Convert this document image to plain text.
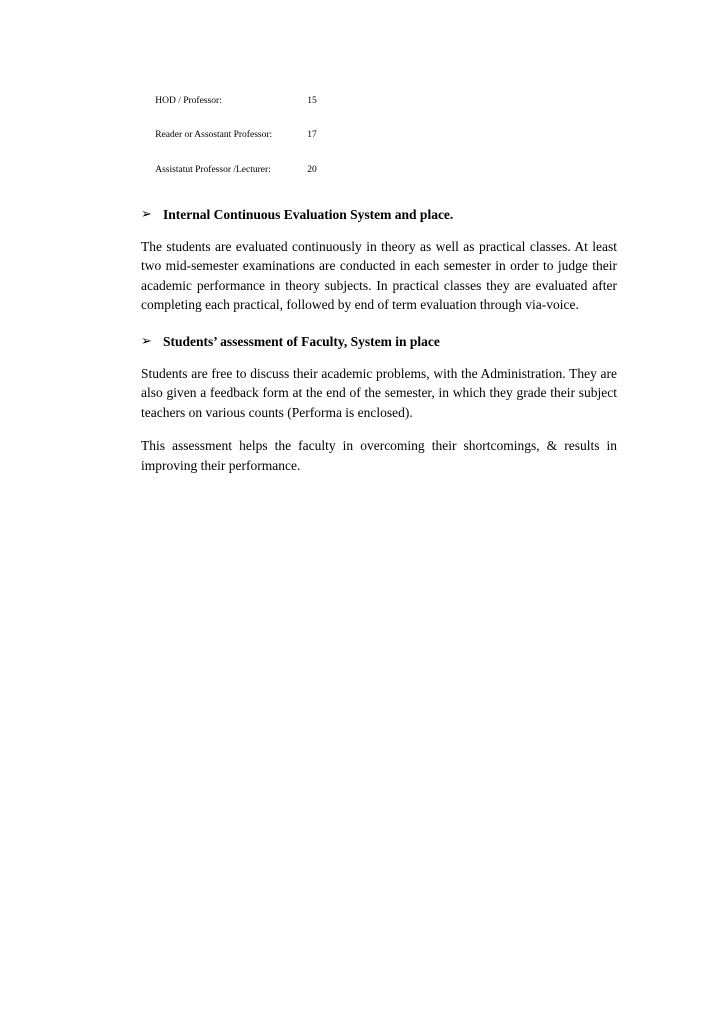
HOD / Professor:	15

Reader or Assostant Professor:	17

Assistatut Professor /Lecturer:	20

➢ Internal Continuous Evaluation System and place.

The students are evaluated continuously in theory as well as practical classes. At least two mid-semester examinations are conducted in each semester in order to judge their academic performance in theory subjects. In practical classes they are evaluated after completing each practical, followed by end of term evaluation through via-voice.

➢ Students’ assessment of Faculty, System in place

Students are free to discuss their academic problems, with the Administration. They are also given a feedback form at the end of the semester, in which they grade their subject teachers on various counts (Performa is enclosed).

This assessment helps the faculty in overcoming their shortcomings, & results in improving their performance.
